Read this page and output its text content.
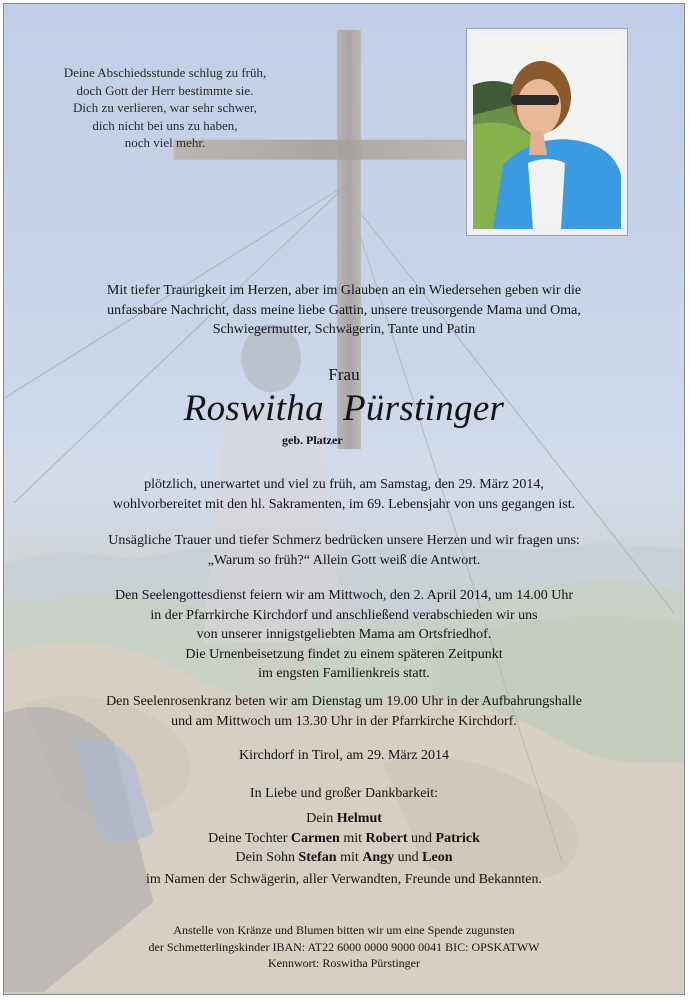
Deine Abschiedsstunde schlug zu früh,
doch Gott der Herr bestimmte sie.
Dich zu verlieren, war sehr schwer,
dich nicht bei uns zu haben,
noch viel mehr.
Mit tiefer Traurigkeit im Herzen, aber im Glauben an ein Wiedersehen geben wir die
unfassbare Nachricht, dass meine liebe Gattin, unsere treusorgende Mama und Oma,
Schwiegermutter, Schwägerin, Tante und Patin
Frau
Roswitha  Pürstinger
geb. Platzer
plötzlich, unerwartet und viel zu früh, am Samstag, den 29. März 2014,
wohlvorbereitet mit den hl. Sakramenten, im 69. Lebensjahr von uns gegangen ist.
Unsägliche Trauer und tiefer Schmerz bedrücken unsere Herzen und wir fragen uns:
„Warum so früh?“ Allein Gott weiß die Antwort.
Den Seelengottesdienst feiern wir am Mittwoch, den 2. April 2014, um 14.00 Uhr
in der Pfarrkirche Kirchdorf und anschließend verabschieden wir uns
von unserer innigstgeliebten Mama am Ortsfriedhof.
Die Urnenbeisetzung findet zu einem späteren Zeitpunkt
im engsten Familienkreis statt.
Den Seelenrosenkranz beten wir am Dienstag um 19.00 Uhr in der Aufbahrungshalle
und am Mittwoch um 13.30 Uhr in der Pfarrkirche Kirchdorf.
Kirchdorf in Tirol, am 29. März 2014
In Liebe und großer Dankbarkeit:
Dein Helmut
Deine Tochter Carmen mit Robert und Patrick
Dein Sohn Stefan mit Angy und Leon
im Namen der Schwägerin, aller Verwandten, Freunde und Bekannten.
Anstelle von Kränze und Blumen bitten wir um eine Spende zugunsten
der Schmetterlingskinder IBAN: AT22 6000 0000 9000 0041 BIC: OPSKATWW
Kennwort: Roswitha Pürstinger
